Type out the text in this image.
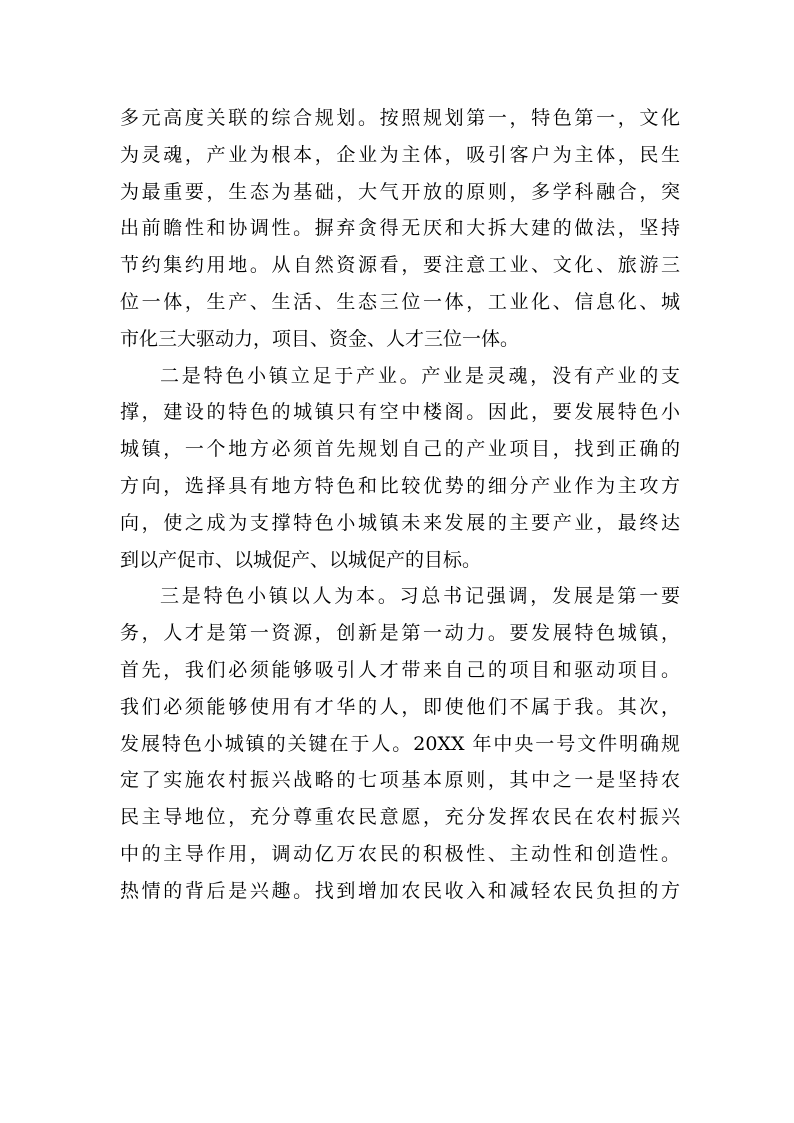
多元高度关联的综合规划。按照规划第一，特色第一，文化
为灵魂，产业为根本，企业为主体，吸引客户为主体，民生
为最重要，生态为基础，大气开放的原则，多学科融合，突
出前瞻性和协调性。摒弃贪得无厌和大拆大建的做法，坚持
节约集约用地。从自然资源看，要注意工业、文化、旅游三
位一体，生产、生活、生态三位一体，工业化、信息化、城
市化三大驱动力，项目、资金、人才三位一体。
二是特色小镇立足于产业。产业是灵魂，没有产业的支
撑，建设的特色的城镇只有空中楼阁。因此，要发展特色小
城镇，一个地方必须首先规划自己的产业项目，找到正确的
方向，选择具有地方特色和比较优势的细分产业作为主攻方
向，使之成为支撑特色小城镇未来发展的主要产业，最终达
到以产促市、以城促产、以城促产的目标。
三是特色小镇以人为本。习总书记强调，发展是第一要
务，人才是第一资源，创新是第一动力。要发展特色城镇，
首先，我们必须能够吸引人才带来自己的项目和驱动项目。
我们必须能够使用有才华的人，即使他们不属于我。其次，
发展特色小城镇的关键在于人。20XX 年中央一号文件明确规
定了实施农村振兴战略的七项基本原则，其中之一是坚持农
民主导地位，充分尊重农民意愿，充分发挥农民在农村振兴
中的主导作用，调动亿万农民的积极性、主动性和创造性。
热情的背后是兴趣。找到增加农民收入和减轻农民负担的方
